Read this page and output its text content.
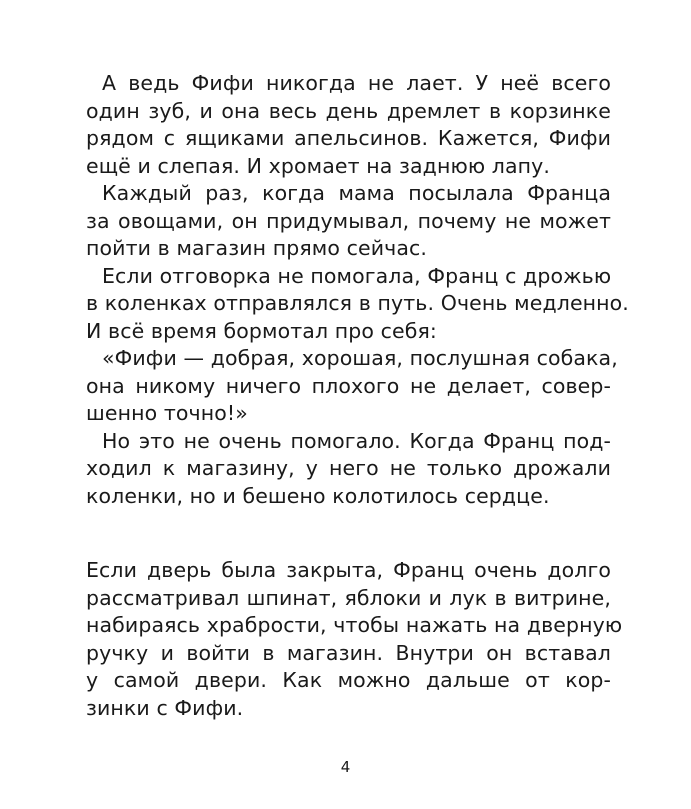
А ведь Фифи никогда не лает. У неё всего
один зуб, и она весь день дремлет в корзинке
рядом с ящиками апельсинов. Кажется, Фифи
ещё и слепая. И хромает на заднюю лапу.
Каждый раз, когда мама посылала Франца
за овощами, он придумывал, почему не может
пойти в магазин прямо сейчас.
Если отговорка не помогала, Франц с дрожью
в коленках отправлялся в путь. Очень медленно.
И всё время бормотал про себя:
«Фифи — добрая, хорошая, послушная собака,
она никому ничего плохого не делает, совер-
шенно точно!»
Но это не очень помогало. Когда Франц под-
ходил к магазину, у него не только дрожали
коленки, но и бешено колотилось сердце.
Если дверь была закрыта, Франц очень долго
рассматривал шпинат, яблоки и лук в витрине,
набираясь храбрости, чтобы нажать на дверную
ручку и войти в магазин. Внутри он вставал
у самой двери. Как можно дальше от кор-
зинки с Фифи.
4
